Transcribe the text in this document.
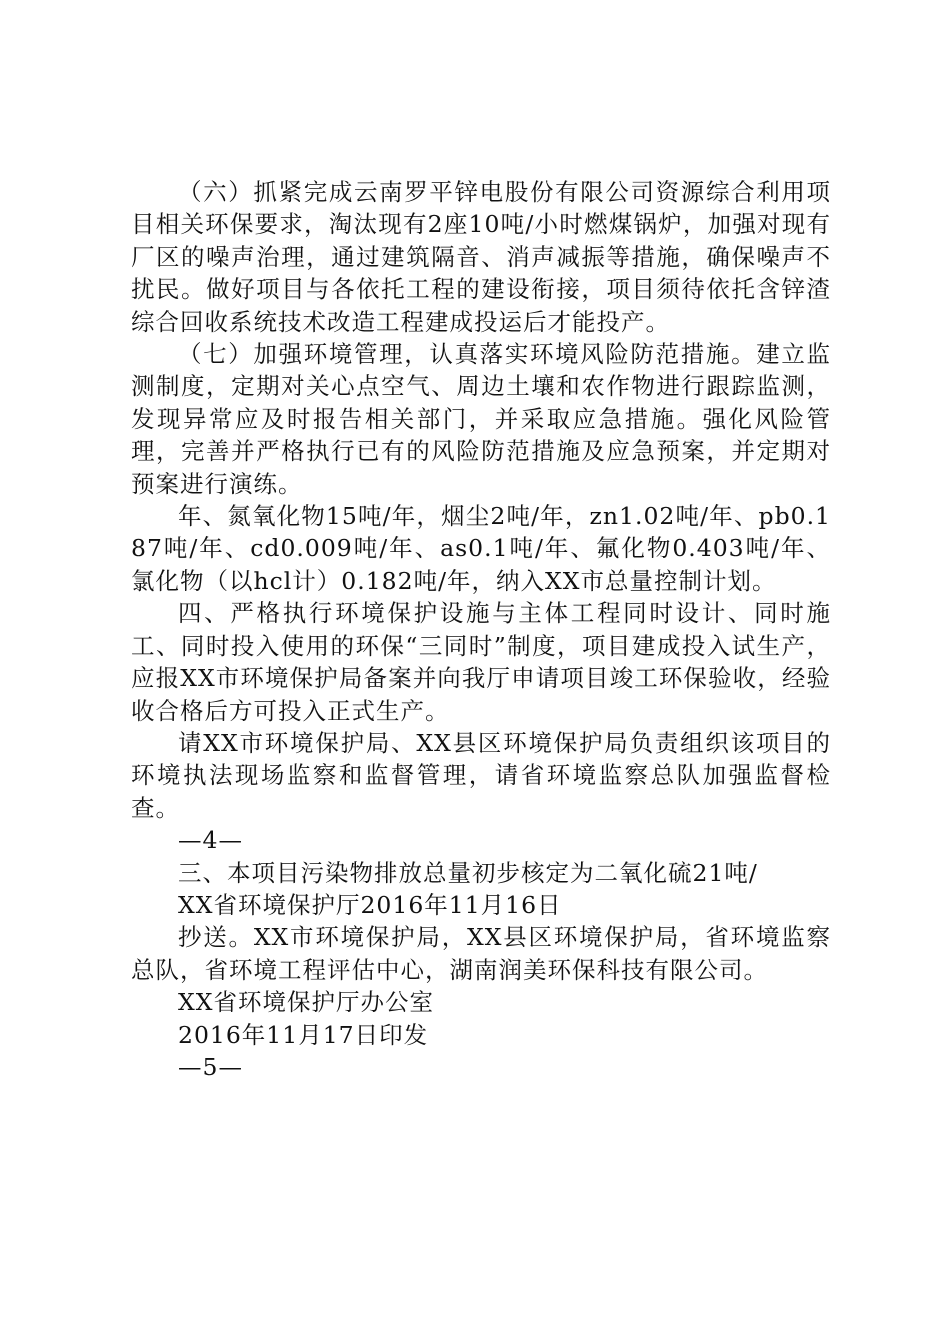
（六）抓紧完成云南罗平锌电股份有限公司资源综合利用项目相关环保要求，淘汰现有2座10吨/小时燃煤锅炉，加强对现有厂区的噪声治理，通过建筑隔音、消声减振等措施，确保噪声不扰民。做好项目与各依托工程的建设衔接，项目须待依托含锌渣综合回收系统技术改造工程建成投运后才能投产。

（七）加强环境管理，认真落实环境风险防范措施。建立监测制度，定期对关心点空气、周边土壤和农作物进行跟踪监测，发现异常应及时报告相关部门，并采取应急措施。强化风险管理，完善并严格执行已有的风险防范措施及应急预案，并定期对预案进行演练。

年、氮氧化物15吨/年，烟尘2吨/年，zn1.02吨/年、pb0.187吨/年、cd0.009吨/年、as0.1吨/年、氟化物0.403吨/年、氯化物（以hcl计）0.182吨/年，纳入XX市总量控制计划。

四、严格执行环境保护设施与主体工程同时设计、同时施工、同时投入使用的环保“三同时”制度，项目建成投入试生产，应报XX市环境保护局备案并向我厅申请项目竣工环保验收，经验收合格后方可投入正式生产。

请XX市环境保护局、XX县区环境保护局负责组织该项目的环境执法现场监察和监督管理，请省环境监察总队加强监督检查。

—4—

三、本项目污染物排放总量初步核定为二氧化硫21吨/

XX省环境保护厅2016年11月16日

抄送。XX市环境保护局，XX县区环境保护局，省环境监察总队，省环境工程评估中心，湖南润美环保科技有限公司。

XX省环境保护厅办公室

2016年11月17日印发

—5—
